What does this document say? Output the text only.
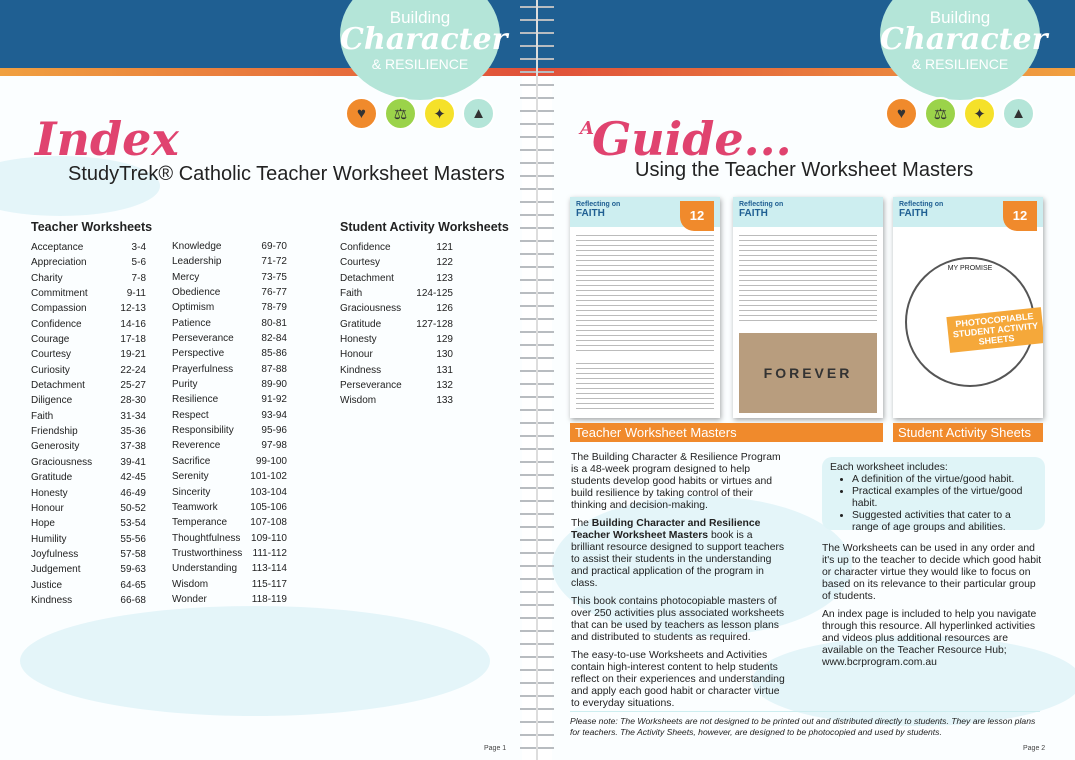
Building
Character
& RESILIENCE
Building
Character
& RESILIENCE
♥	⚖	✦	▲	♥	⚖	✦	▲
Index
StudyTrek® Catholic Teacher Worksheet Masters
Teacher Worksheets
Acceptance	3-4
Appreciation	5-6
Charity	7-8
Commitment	9-11
Compassion	12-13
Confidence	14-16
Courage	17-18
Courtesy	19-21
Curiosity	22-24
Detachment	25-27
Diligence	28-30
Faith	31-34
Friendship	35-36
Generosity	37-38
Graciousness	39-41
Gratitude	42-45
Honesty	46-49
Honour	50-52
Hope	53-54
Humility	55-56
Joyfulness	57-58
Judgement	59-63
Justice	64-65
Kindness	66-68
Knowledge	69-70
Leadership	71-72
Mercy	73-75
Obedience	76-77
Optimism	78-79
Patience	80-81
Perseverance	82-84
Perspective	85-86
Prayerfulness	87-88
Purity	89-90
Resilience	91-92
Respect	93-94
Responsibility	95-96
Reverence	97-98
Sacrifice	99-100
Serenity	101-102
Sincerity	103-104
Teamwork	105-106
Temperance 107-108
Thoughtfulness 109-110
Trustworthiness 111-112
Understanding 113-114
Wisdom	115-117
Wonder	118-119
Student Activity Worksheets
Confidence	121
Courtesy	122
Detachment	123
Faith	124-125
Graciousness	126
Gratitude	127-128
Honesty	129
Honour	130
Kindness	131
Perseverance	132
Wisdom	133
Page 1
A
Guide...
Using the Teacher Worksheet Masters
Reflecting on
FAITH	12
Reflecting on
FAITH
FOREVER
Reflecting on
FAITH	12
MY PROMISE
PHOTOCOPIABLE STUDENT ACTIVITY SHEETS
Teacher Worksheet Masters	Student Activity Sheets

The Building Character & Resilience Program is a 48-week program designed to help students develop good habits or virtues and build resilience by taking control of their thinking and decision-making.

The Building Character and Resilience Teacher Worksheet Masters book is a brilliant resource designed to support teachers to assist their students in the understanding and practical application of the program in class.

This book contains photocopiable masters of over 250 activities plus associated worksheets that can be used by teachers as lesson plans and distributed to students as required.

The easy-to-use Worksheets and Activities contain high-interest content to help students reflect on their experiences and understanding and apply each good habit or character virtue to everyday situations.

Each worksheet includes:
• A definition of the virtue/good habit.
• Practical examples of the virtue/good habit.
• Suggested activities that cater to a range of age groups and abilities.

The Worksheets can be used in any order and it's up to the teacher to decide which good habit or character virtue they would like to focus on based on its relevance to their particular group of students.

An index page is included to help you navigate through this resource. All hyperlinked activities and videos plus additional resources are available on the Teacher Resource Hub; www.bcrprogram.com.au

Please note: The Worksheets are not designed to be printed out and distributed directly to students. They are lesson plans for teachers. The Activity Sheets, however, are designed to be photocopied and used by students.
Page 2
